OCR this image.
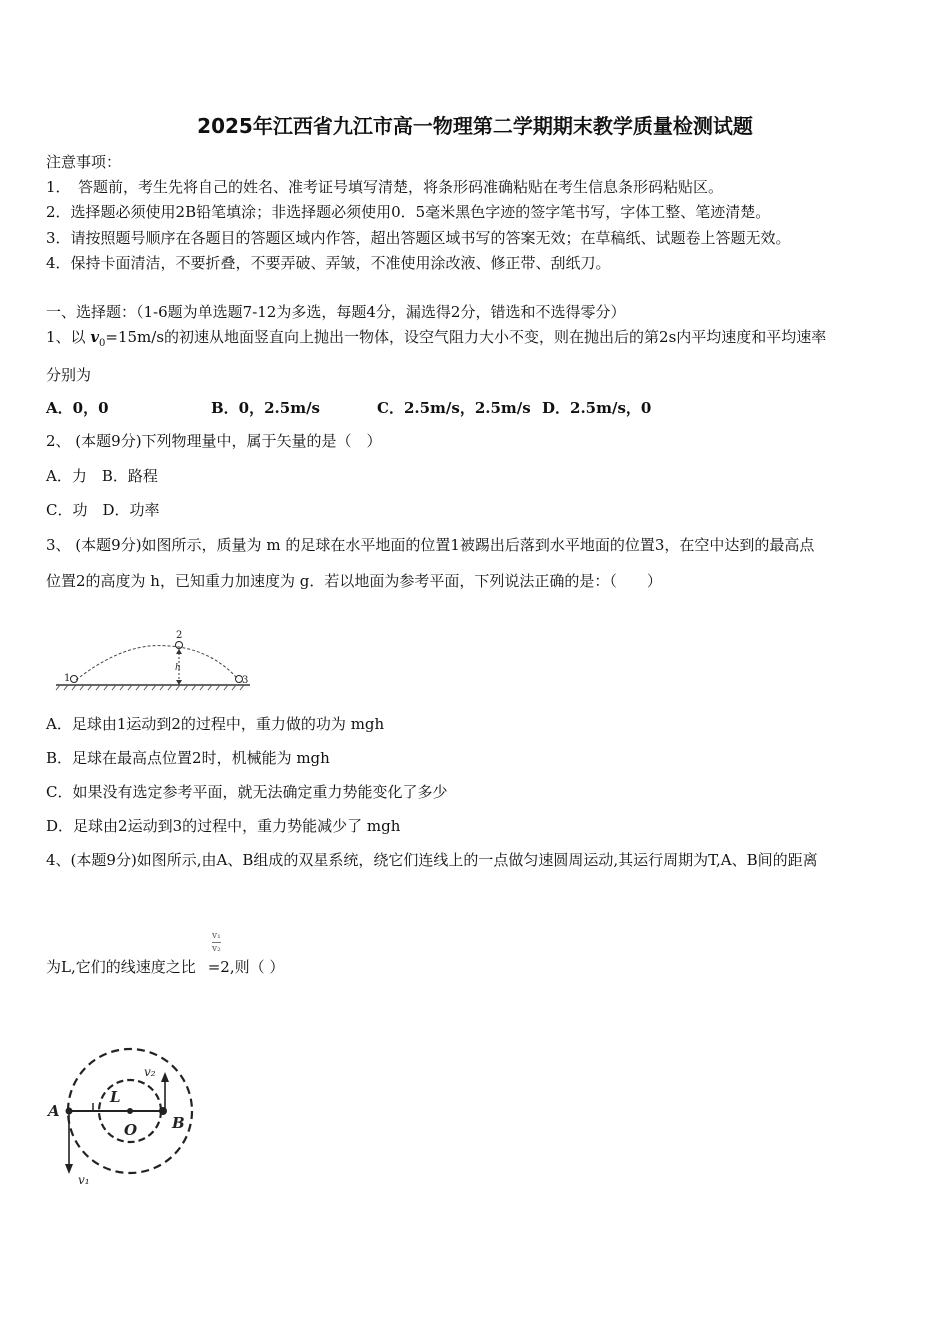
2025年江西省九江市高一物理第二学期期末教学质量检测试题
注意事项：
1．　答题前，考生先将自己的姓名、准考证号填写清楚，将条形码准确粘贴在考生信息条形码粘贴区。
2．选择题必须使用2B铅笔填涂；非选择题必须使用0．5毫米黑色字迹的签字笔书写，字体工整、笔迹清楚。
3．请按照题号顺序在各题目的答题区域内作答，超出答题区域书写的答案无效；在草稿纸、试题卷上答题无效。
4．保持卡面清洁，不要折叠，不要弄破、弄皱，不准使用涂改液、修正带、刮纸刀。
一、选择题：（1-6题为单选题7-12为多选，每题4分，漏选得2分，错选和不选得零分）
1、以 $v_0=15m/s$的初速从地面竖直向上抛出一物体，设空气阻力大小不变，则在抛出后的第2s内平均速度和平均速率
分别为
A．0，0	B．0，2.5m/s	C．2.5m/s，2.5m/s D．2.5m/s，0
2、 (本题9分)下列物理量中，属于矢量的是（　）
A．力　B．路程
C．功　D．功率
3、 (本题9分)如图所示，质量为 m 的足球在水平地面的位置1被踢出后落到水平地面的位置3，在空中达到的最高点
位置2的高度为 h，已知重力加速度为 g．若以地面为参考平面，下列说法正确的是：（　　）
1
2
3
h
A．足球由1运动到2的过程中，重力做的功为 mgh
B．足球在最高点位置2时，机械能为 mgh
C．如果没有选定参考平面，就无法确定重力势能变化了多少
D．足球由2运动到3的过程中，重力势能减少了 mgh
4、(本题9分)如图所示,由A、B组成的双星系统，绕它们连线上的一点做匀速圆周运动,其运行周期为T,A、B间的距离
$\frac{\text{v₁}}{\text{v₂}}$
为L,它们的线速度之比 =2,则（ ）
A
B
O
L
v₁
v₂
